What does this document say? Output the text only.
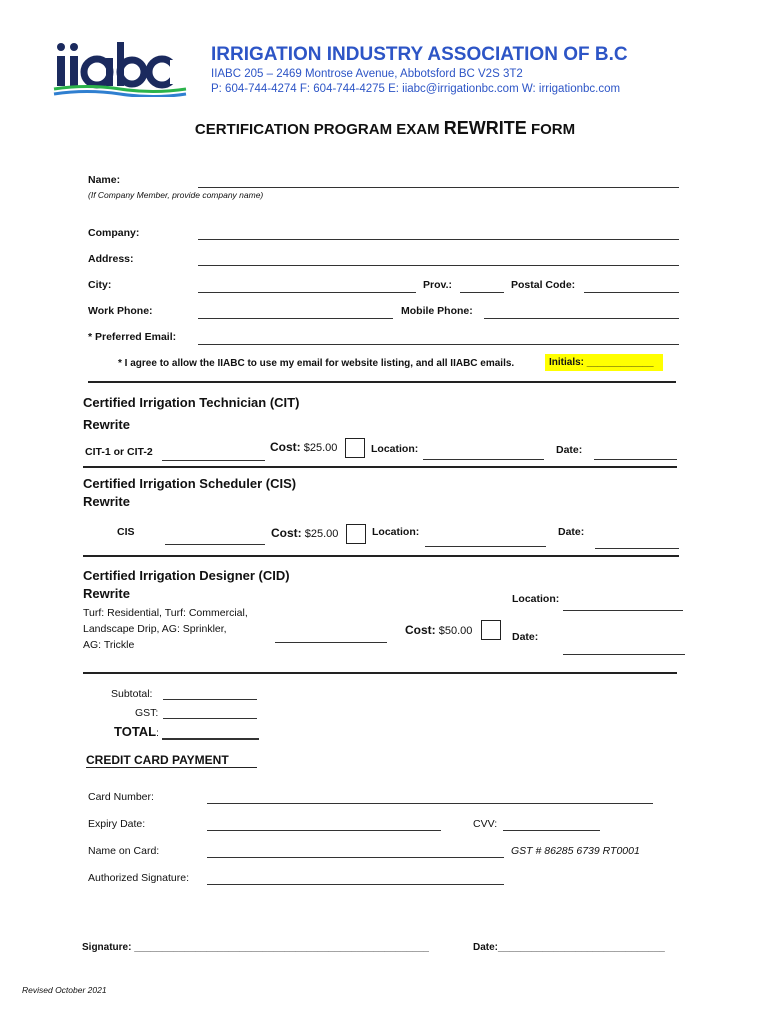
IRRIGATION INDUSTRY ASSOCIATION OF B.C
IIABC 205 – 2469 Montrose Avenue, Abbotsford BC V2S 3T2
P: 604-744-4274 F: 604-744-4275 E: iiabc@irrigationbc.com W: irrigationbc.com
CERTIFICATION PROGRAM EXAM REWRITE FORM
Name:
(If Company Member, provide company name)
Company:
Address:
City:	Prov.:	Postal Code:
Work Phone:	Mobile Phone:
* Preferred Email:
* I agree to allow the IIABC to use my email for website listing, and all IIABC emails.	Initials: ____________
Certified Irrigation Technician (CIT)
Rewrite
CIT-1 or CIT-2	Cost: $25.00	Location:	Date:
Certified Irrigation Scheduler (CIS)
Rewrite
CIS	Cost: $25.00	Location:	Date:
Certified Irrigation Designer (CID)
Rewrite
Turf: Residential, Turf: Commercial,
Landscape Drip, AG: Sprinkler,
AG: Trickle
Cost: $50.00
Location:
Date:
Subtotal:
GST:
TOTAL:
CREDIT CARD PAYMENT
Card Number:
Expiry Date:	CVV:
Name on Card:	GST # 86285 6739 RT0001
Authorized Signature:
Signature: _____________________________________________________	Date:______________________________
Revised October 2021
